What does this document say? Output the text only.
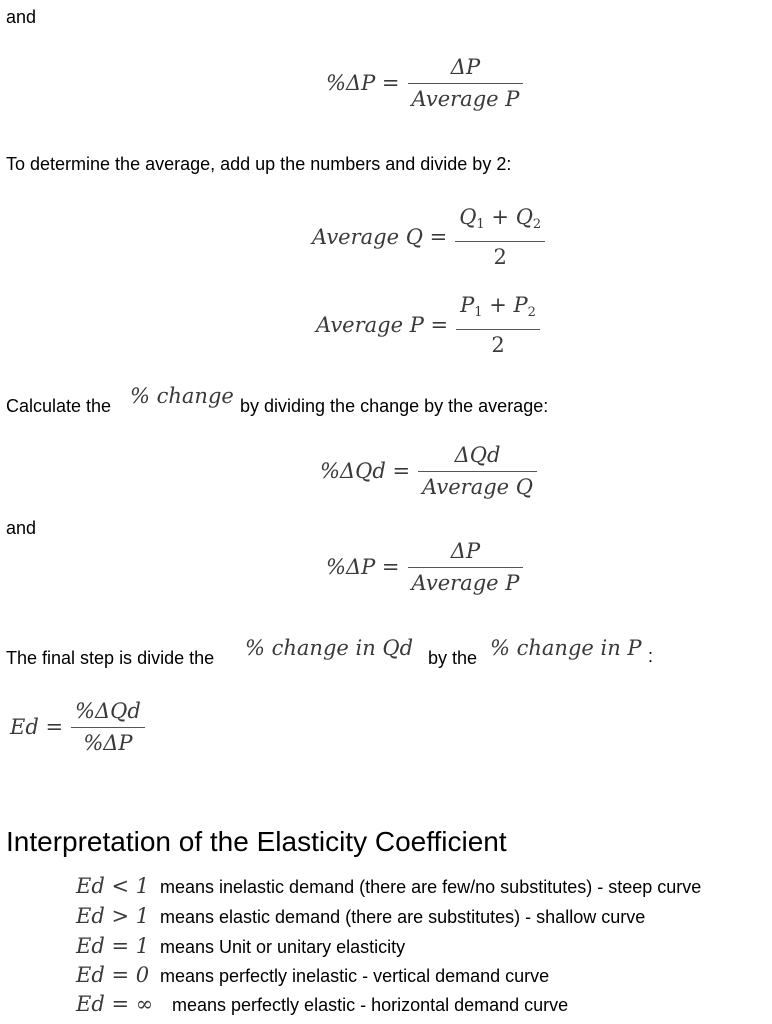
and
$\%\Delta P = \frac{\Delta P}{\text{Average P}}$
To determine the average, add up the numbers and divide by 2:
Average $Q = \frac{Q_1 + Q_2}{2}$
Average $P = \frac{P_1 + P_2}{2}$
Calculate the % change by dividing the change by the average:
$\%\Delta Qd = \frac{\text{ΔQd}}{\text{Average Q}}$
and
$\%\Delta P = \frac{\Delta P}{\text{Average P}}$
The final step is divide the % change in Qd by the % change in P :
$Ed = \frac{\text{\%ΔQd}}{\%\Delta P}$
Interpretation of the Elasticity Coefficient
Ed < 1 means inelastic demand (there are few/no substitutes) - steep curve
Ed > 1 means elastic demand (there are substitutes) - shallow curve
Ed = 1 means Unit or unitary elasticity
Ed = 0 means perfectly inelastic - vertical demand curve
Ed = ∞	means perfectly elastic - horizontal demand curve
